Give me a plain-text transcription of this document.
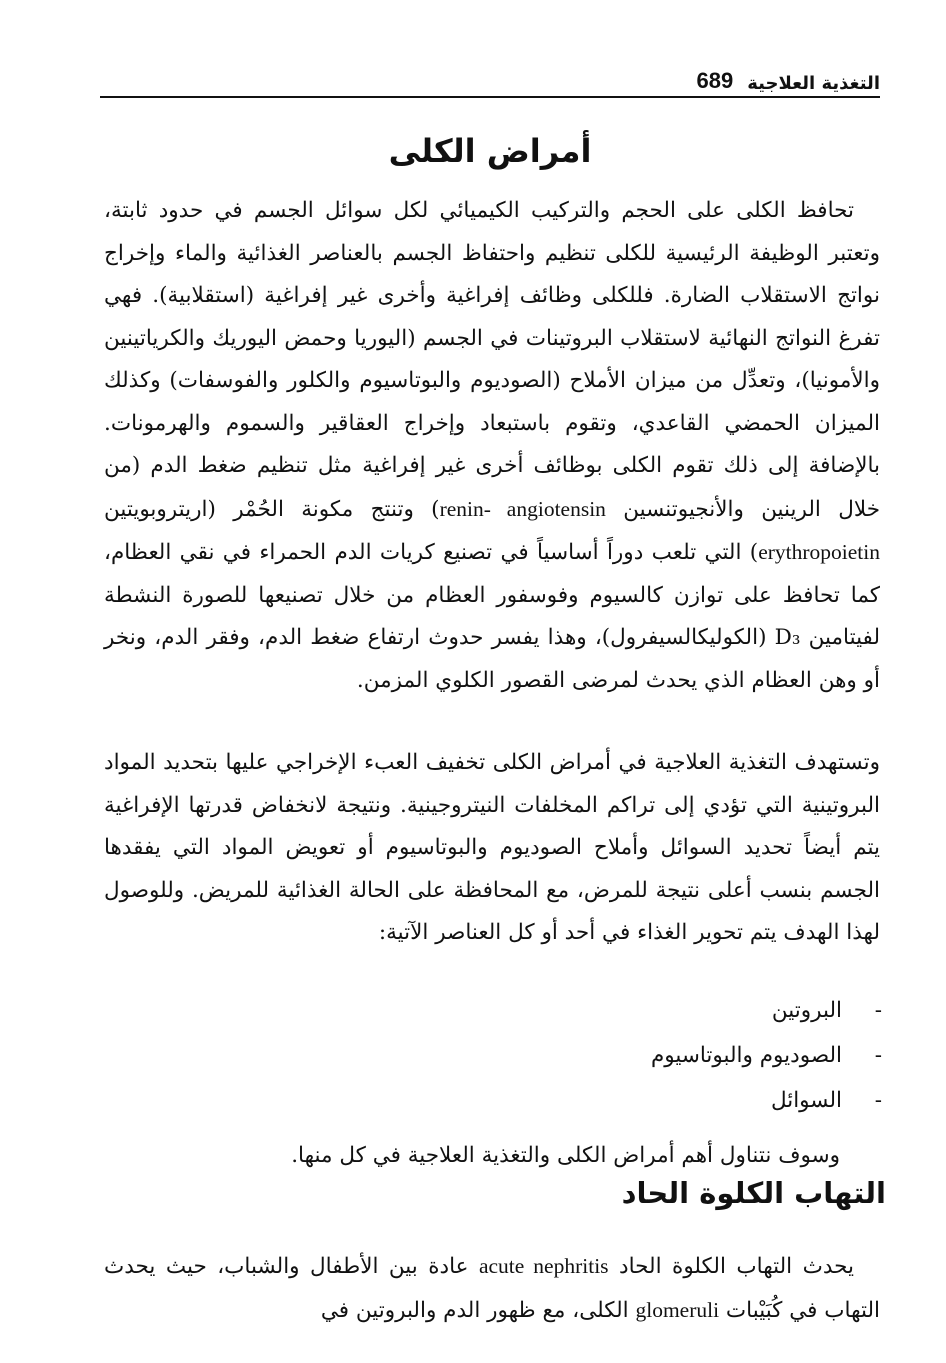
التغذية العلاجية
689
أمراض الكلى

تحافظ الكلى على الحجم والتركيب الكيميائي لكل سوائل الجسم في حدود ثابتة، وتعتبر الوظيفة الرئيسية للكلى تنظيم واحتفاظ الجسم بالعناصر الغذائية والماء وإخراج نواتج الاستقلاب الضارة. فللكلى وظائف إفراغية وأخرى غير إفراغية (استقلابية). فهي تفرغ النواتج النهائية لاستقلاب البروتينات في الجسم (اليوريا وحمض اليوريك والكرياتينين والأمونيا)، وتعدِّل من ميزان الأملاح (الصوديوم والبوتاسيوم والكلور والفوسفات) وكذلك الميزان الحمضي القاعدي، وتقوم باستبعاد وإخراج العقاقير والسموم والهرمونات. بالإضافة إلى ذلك تقوم الكلى بوظائف أخرى غير إفراغية مثل تنظيم ضغط الدم (من خلال الرينين والأنجيوتنسين renin- angiotensin) وتنتج مكونة الحُمْر (اريتروبويتين erythropoietin) التي تلعب دوراً أساسياً في تصنيع كريات الدم الحمراء في نقي العظام، كما تحافظ على توازن كالسيوم وفوسفور العظام من خلال تصنيعها للصورة النشطة لفيتامين D₃ (الكوليكالسيفرول)، وهذا يفسر حدوث ارتفاع ضغط الدم، وفقر الدم، ونخر أو وهن العظام الذي يحدث لمرضى القصور الكلوي المزمن.

وتستهدف التغذية العلاجية في أمراض الكلى تخفيف العبء الإخراجي عليها بتحديد المواد البروتينية التي تؤدي إلى تراكم المخلفات النيتروجينية. ونتيجة لانخفاض قدرتها الإفراغية يتم أيضاً تحديد السوائل وأملاح الصوديوم والبوتاسيوم أو تعويض المواد التي يفقدها الجسم بنسب أعلى نتيجة للمرض، مع المحافظة على الحالة الغذائية للمريض. وللوصول لهذا الهدف يتم تحوير الغذاء في أحد أو كل العناصر الآتية:

-البروتين
-الصوديوم والبوتاسيوم
-السوائل

وسوف نتناول أهم أمراض الكلى والتغذية العلاجية في كل منها.

التهاب الكلوة الحاد

يحدث التهاب الكلوة الحاد acute nephritis عادة بين الأطفال والشباب، حيث يحدث التهاب في كُبَيْبات glomeruli الكلى، مع ظهور الدم والبروتين في
